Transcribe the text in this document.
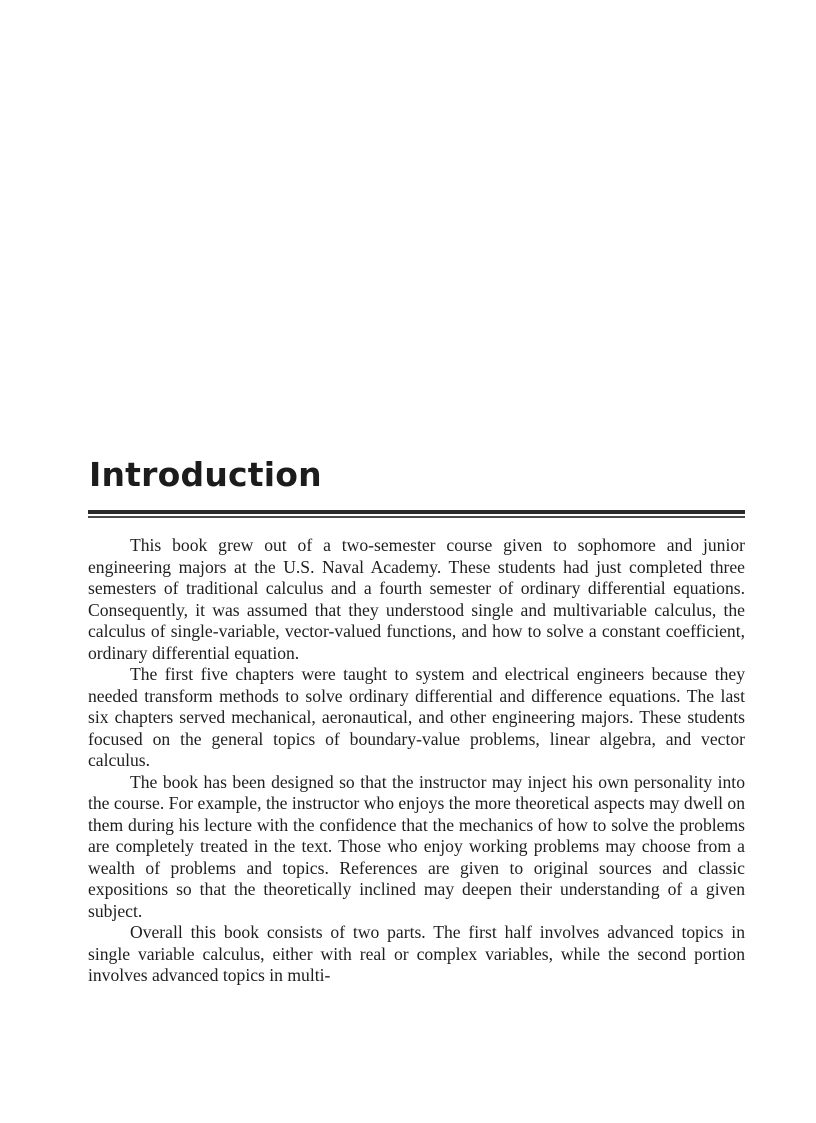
Introduction

This book grew out of a two-semester course given to sophomore and junior engineering majors at the U.S. Naval Academy. These students had just completed three semesters of traditional calculus and a fourth semester of ordinary differential equations. Consequently, it was assumed that they understood single and multivariable calculus, the calculus of single-variable, vector-valued functions, and how to solve a constant coefficient, ordinary differential equation.

The first five chapters were taught to system and electrical engineers because they needed transform methods to solve ordinary differential and difference equations. The last six chapters served mechanical, aeronautical, and other engineering majors. These students focused on the general topics of boundary-value problems, linear algebra, and vector calculus.

The book has been designed so that the instructor may inject his own personality into the course. For example, the instructor who enjoys the more theoretical aspects may dwell on them during his lecture with the confidence that the mechanics of how to solve the problems are completely treated in the text. Those who enjoy working problems may choose from a wealth of problems and topics. References are given to original sources and classic expositions so that the theoretically inclined may deepen their understanding of a given subject.

Overall this book consists of two parts. The first half involves advanced topics in single variable calculus, either with real or complex variables, while the second portion involves advanced topics in multi-
